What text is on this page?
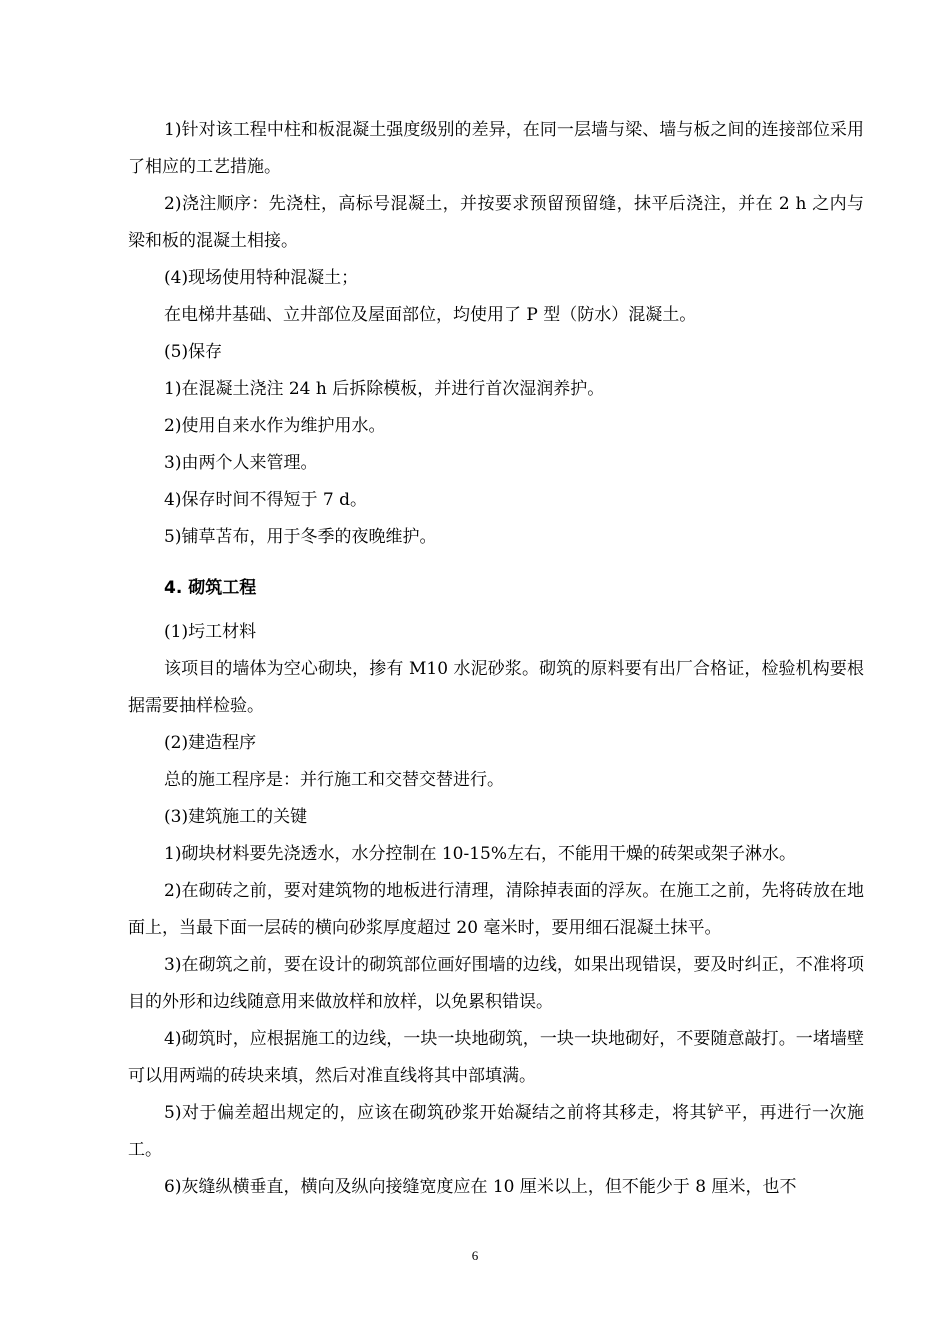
1)针对该工程中柱和板混凝土强度级别的差异，在同一层墙与梁、墙与板之间的连接部位采用了相应的工艺措施。

2)浇注顺序：先浇柱，高标号混凝土，并按要求预留预留缝，抹平后浇注，并在 2 h 之内与梁和板的混凝土相接。

(4)现场使用特种混凝土；

在电梯井基础、立井部位及屋面部位，均使用了 P 型（防水）混凝土。

(5)保存

1)在混凝土浇注 24 h 后拆除模板，并进行首次湿润养护。

2)使用自来水作为维护用水。

3)由两个人来管理。

4)保存时间不得短于 7 d。

5)铺草苫布，用于冬季的夜晚维护。

4. 砌筑工程

(1)圬工材料

该项目的墙体为空心砌块，掺有 M10 水泥砂浆。砌筑的原料要有出厂合格证，检验机构要根据需要抽样检验。

(2)建造程序

总的施工程序是：并行施工和交替交替进行。

(3)建筑施工的关键

1)砌块材料要先浇透水，水分控制在 10-15%左右，不能用干燥的砖架或架子淋水。

2)在砌砖之前，要对建筑物的地板进行清理，清除掉表面的浮灰。在施工之前，先将砖放在地面上，当最下面一层砖的横向砂浆厚度超过 20 毫米时，要用细石混凝土抹平。

3)在砌筑之前，要在设计的砌筑部位画好围墙的边线，如果出现错误，要及时纠正，不准将项目的外形和边线随意用来做放样和放样，以免累积错误。

4)砌筑时，应根据施工的边线，一块一块地砌筑，一块一块地砌好，不要随意敲打。一堵墙壁可以用两端的砖块来填，然后对准直线将其中部填满。

5)对于偏差超出规定的，应该在砌筑砂浆开始凝结之前将其移走，将其铲平，再进行一次施工。

6)灰缝纵横垂直，横向及纵向接缝宽度应在 10 厘米以上，但不能少于 8 厘米，也不

6
